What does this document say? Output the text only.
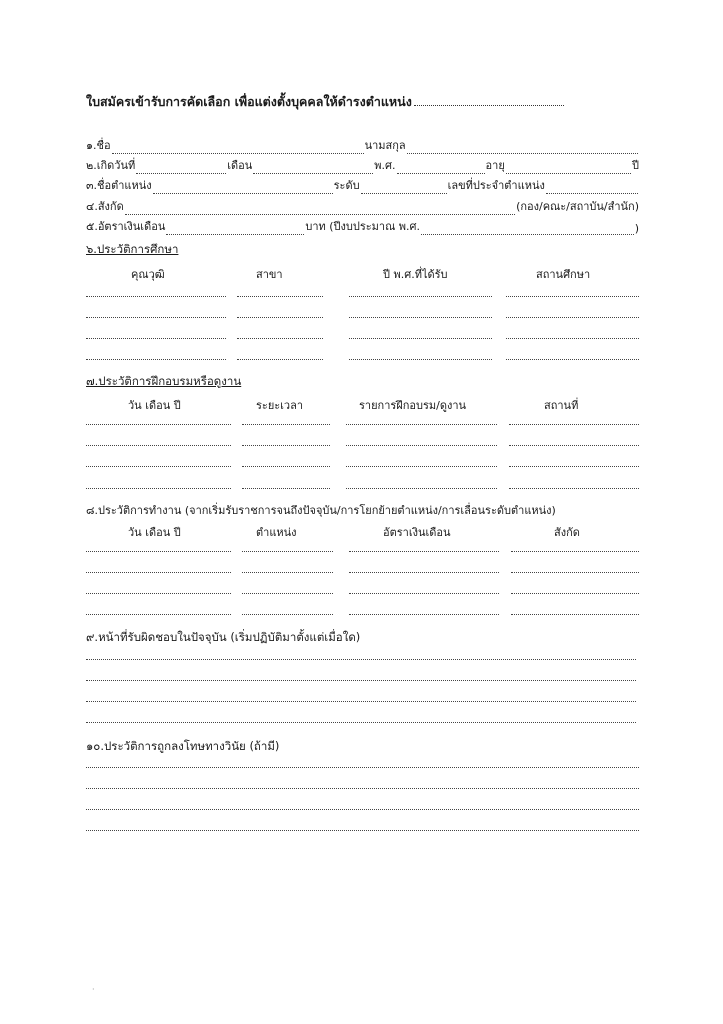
ใบสมัครเข้ารับการคัดเลือก เพื่อแต่งตั้งบุคคลให้ดำรงตำแหน่ง
๑.ชื่อ	นามสกุล
๒.เกิดวันที่	เดือน	พ.ศ.	อายุ	ปี
๓.ชื่อตำแหน่ง	ระดับ	เลขที่ประจำตำแหน่ง
๔.สังกัด	(กอง/คณะ/สถาบัน/สำนัก)
๕.อัตราเงินเดือน	บาท (ปีงบประมาณ พ.ศ.	)
๖.ประวัติการศึกษา
คุณวุฒิ	สาขา	ปี พ.ศ.ที่ได้รับ	สถานศึกษา
๗.ประวัติการฝึกอบรมหรือดูงาน
วัน เดือน ปี	ระยะเวลา	รายการฝึกอบรม/ดูงาน	สถานที่
๘.ประวัติการทำงาน (จากเริ่มรับราชการจนถึงปัจจุบัน/การโยกย้ายตำแหน่ง/การเลื่อนระดับตำแหน่ง)
วัน เดือน ปี	ตำแหน่ง	อัตราเงินเดือน	สังกัด
๙.หน้าที่รับผิดชอบในปัจจุบัน (เริ่มปฏิบัติมาตั้งแต่เมื่อใด)
๑๐.ประวัติการถูกลงโทษทางวินัย (ถ้ามี)
·
